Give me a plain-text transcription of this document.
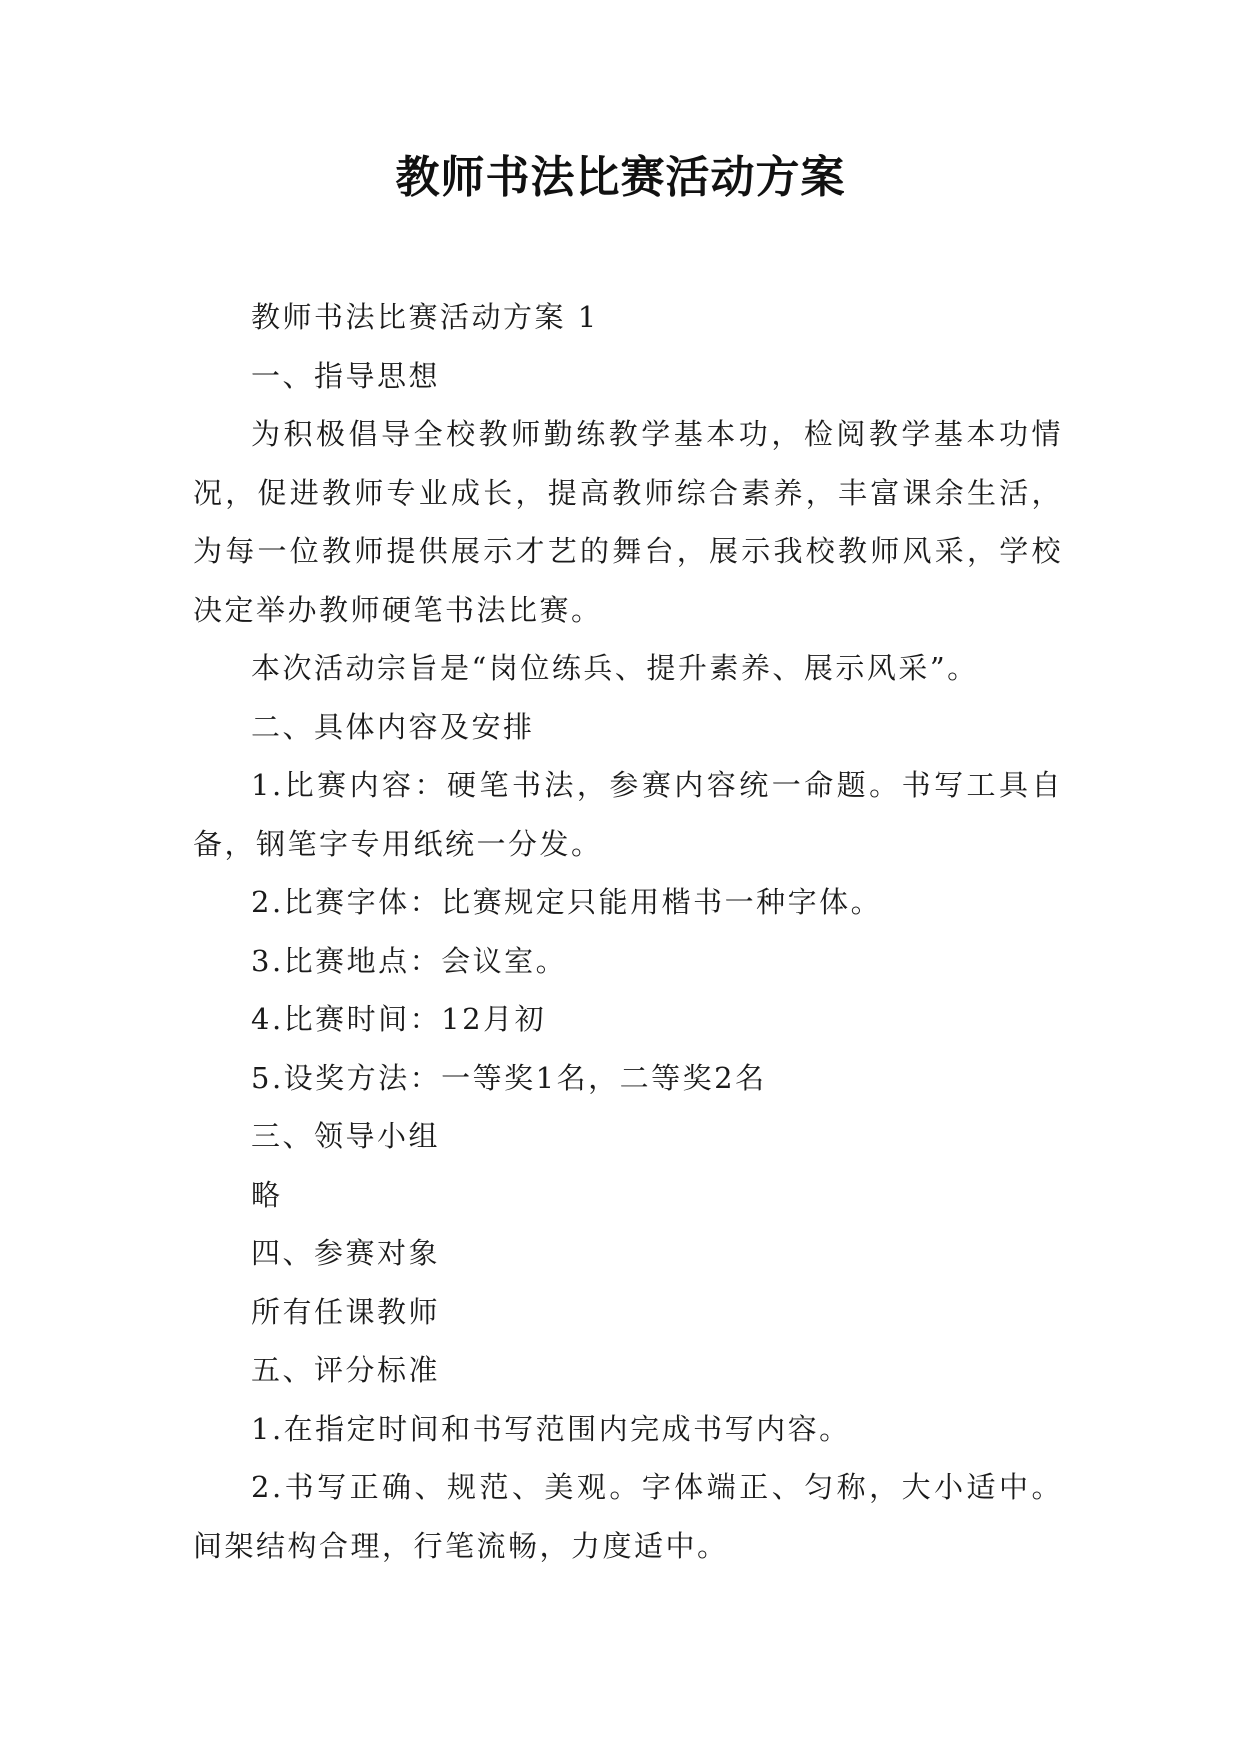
教师书法比赛活动方案

教师书法比赛活动方案 1

一、指导思想

为积极倡导全校教师勤练教学基本功，检阅教学基本功情况，促进教师专业成长，提高教师综合素养，丰富课余生活，为每一位教师提供展示才艺的舞台，展示我校教师风采，学校决定举办教师硬笔书法比赛。

本次活动宗旨是“岗位练兵、提升素养、展示风采”。

二、具体内容及安排

1.比赛内容：硬笔书法，参赛内容统一命题。书写工具自备，钢笔字专用纸统一分发。

2.比赛字体：比赛规定只能用楷书一种字体。

3.比赛地点：会议室。

4.比赛时间：12月初

5.设奖方法：一等奖1名，二等奖2名

三、领导小组

略

四、参赛对象

所有任课教师

五、评分标准

1.在指定时间和书写范围内完成书写内容。

2.书写正确、规范、美观。字体端正、匀称，大小适中。间架结构合理，行笔流畅，力度适中。
